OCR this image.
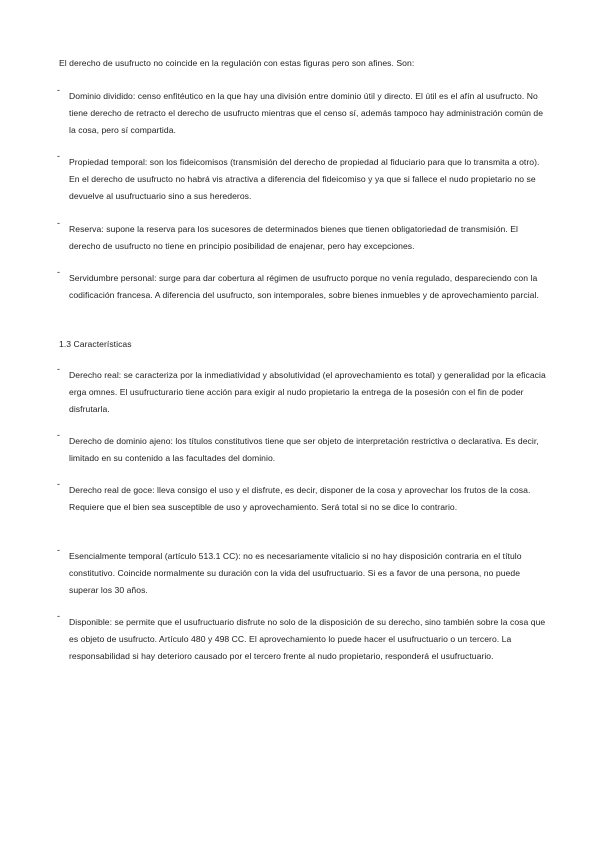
El derecho de usufructo no coincide en la regulación con estas figuras pero son afines. Son:

-

Dominio dividido: censo enfitéutico en la que hay una división entre dominio útil y directo. El útil es el afín al usufructo. No tiene derecho de retracto el derecho de usufructo mientras que el censo sí, además tampoco hay administración común de la cosa, pero sí compartida.

-

Propiedad temporal: son los fideicomisos (transmisión del derecho de propiedad al fiduciario para que lo transmita a otro). En el derecho de usufructo no habrá vis atractiva a diferencia del fideicomiso y ya que si fallece el nudo propietario no se devuelve al usufructuario sino a sus herederos.

-

Reserva: supone la reserva para los sucesores de determinados bienes que tienen obligatoriedad de transmisión. El derecho de usufructo no tiene en principio posibilidad de enajenar, pero hay excepciones.

-

Servidumbre personal: surge para dar cobertura al régimen de usufructo porque no venía regulado, despareciendo con la codificación francesa. A diferencia del usufructo, son intemporales, sobre bienes inmuebles y de aprovechamiento parcial.

1.3 Características
-

Derecho real: se caracteriza por la inmediatividad y absolutividad (el aprovechamiento es total) y generalidad por la eficacia erga omnes. El usufructurario tiene acción para exigir al nudo propietario la entrega de la posesión con el fin de poder disfrutarla.

-

Derecho de dominio ajeno: los títulos constitutivos tiene que ser objeto de interpretación restrictiva o declarativa. Es decir, limitado en su contenido a las facultades del dominio.

-

Derecho real de goce: lleva consigo el uso y el disfrute, es decir, disponer de la cosa y aprovechar los frutos de la cosa. Requiere que el bien sea susceptible de uso y aprovechamiento. Será total si no se dice lo contrario.

-

Esencialmente temporal (artículo 513.1 CC): no es necesariamente vitalicio si no hay disposición contraria en el título constitutivo. Coincide normalmente su duración con la vida del usufructuario. Si es a favor de una persona, no puede superar los 30 años.

-

Disponible: se permite que el usufructuario disfrute no solo de la disposición de su derecho, sino también sobre la cosa que es objeto de usufructo. Artículo 480 y 498 CC. El aprovechamiento lo puede hacer el usufructuario o un tercero. La responsabilidad si hay deterioro causado por el tercero frente al nudo propietario, responderá el usufructuario.
